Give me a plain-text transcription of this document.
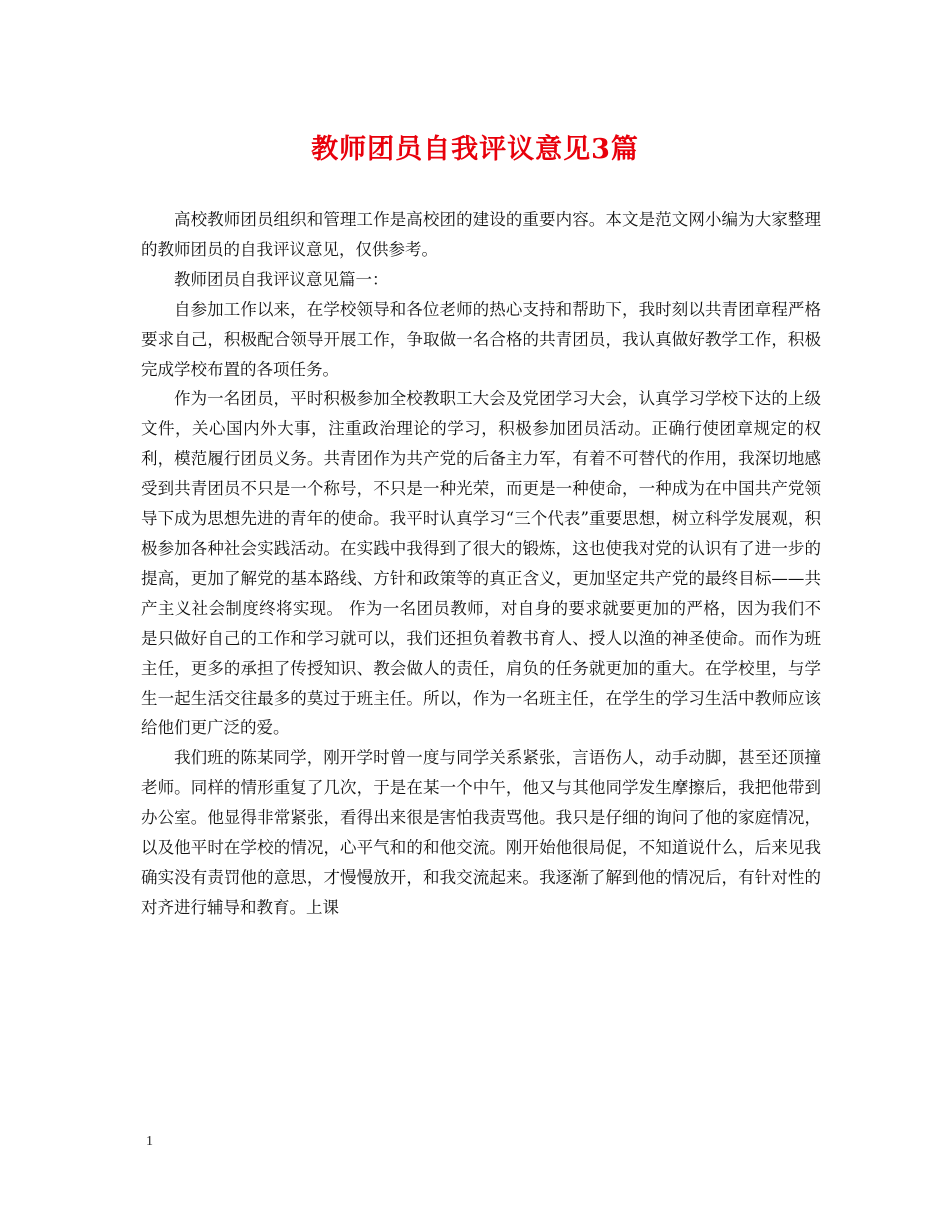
教师团员自我评议意见3篇

高校教师团员组织和管理工作是高校团的建设的重要内容。本文是范文网小编为大家整理的教师团员的自我评议意见，仅供参考。

教师团员自我评议意见篇一：

自参加工作以来，在学校领导和各位老师的热心支持和帮助下，我时刻以共青团章程严格要求自己，积极配合领导开展工作，争取做一名合格的共青团员，我认真做好教学工作，积极完成学校布置的各项任务。

作为一名团员，平时积极参加全校教职工大会及党团学习大会，认真学习学校下达的上级文件，关心国内外大事，注重政治理论的学习，积极参加团员活动。正确行使团章规定的权利，模范履行团员义务。共青团作为共产党的后备主力军，有着不可替代的作用，我深切地感受到共青团员不只是一个称号，不只是一种光荣，而更是一种使命，一种成为在中国共产党领导下成为思想先进的青年的使命。我平时认真学习“三个代表”重要思想，树立科学发展观，积极参加各种社会实践活动。在实践中我得到了很大的锻炼，这也使我对党的认识有了进一步的提高，更加了解党的基本路线、方针和政策等的真正含义，更加坚定共产党的最终目标——共产主义社会制度终将实现。 作为一名团员教师，对自身的要求就要更加的严格，因为我们不是只做好自己的工作和学习就可以，我们还担负着教书育人、授人以渔的神圣使命。而作为班主任，更多的承担了传授知识、教会做人的责任，肩负的任务就更加的重大。在学校里，与学生一起生活交往最多的莫过于班主任。所以，作为一名班主任，在学生的学习生活中教师应该给他们更广泛的爱。

我们班的陈某同学，刚开学时曾一度与同学关系紧张，言语伤人，动手动脚，甚至还顶撞老师。同样的情形重复了几次，于是在某一个中午，他又与其他同学发生摩擦后，我把他带到办公室。他显得非常紧张，看得出来很是害怕我责骂他。我只是仔细的询问了他的家庭情况，以及他平时在学校的情况，心平气和的和他交流。刚开始他很局促，不知道说什么，后来见我确实没有责罚他的意思，才慢慢放开，和我交流起来。我逐渐了解到他的情况后，有针对性的对齐进行辅导和教育。上课

1
